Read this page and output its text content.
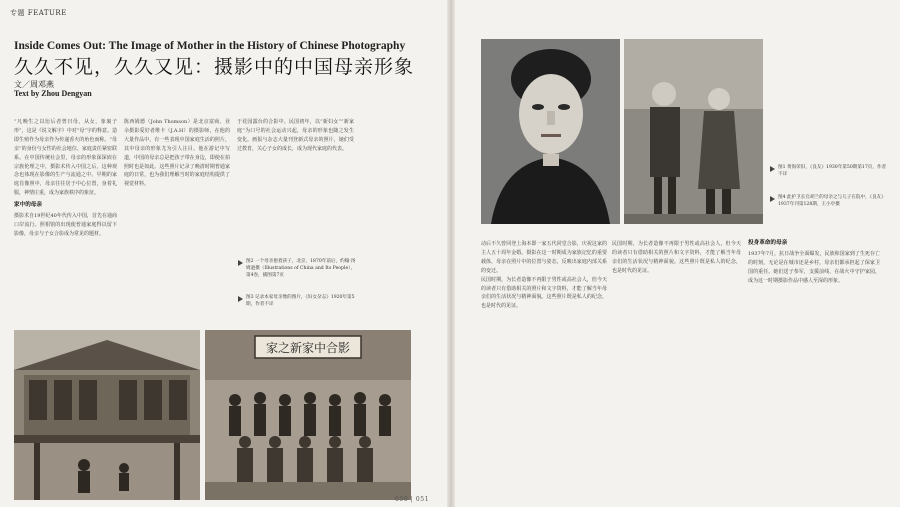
专题 FEATURE
Inside Comes Out: The Image of Mother in the History of Chinese Photography
久久不见，久久又见：摄影中的中国母亲形象
文／周邓燕
Text by Zhou Dengyan
“凡晚生之以衍后者曾曰母，从女，象裏子形”，这是《说文解字》中对“母”字的释意。造即生殖作为母亲作为传递香火的角色而称。“母亲”的身份与女性的社会地位、家庭责任紧密联系。在中国传统社会里，母亲的形象深深嵌在宗族伦理之中，摄影术传入中国之后，这种观念也体现在影像的生产与流通之中。早期的家庭肖像照中，母亲往往居于中心位置，身着礼服，神情庄重，成为家族秩序的象征。
家中的母亲
摄影术自19世纪40年代传入中国，首先在通商口岸流行。照相馆的出现使普通家庭得以留下影像，母亲与子女合影成为常见的题材。
陈西姆德（John Thomson）是北京富商、业余摄影爱好者维卡（J.A.H）的摄影师，在他的大量作品中，有一些表现中国家庭生活的照片，其中母亲的形象尤为引人注目。他在游记中写道，中国的母亲总是把孩子带在身边，即使在拍照时也是如此。这些照片记录了晚清时期普通家庭的日常，也为我们理解当时的家庭结构提供了视觉材料。
于花园露台的合影中。民国初年，以“新妇女”“新家庭”为口号的社会运动兴起，母亲的形象也随之发生变化。画报与杂志大量刊登新式母亲的照片，她们受过教育，关心子女的成长，成为现代家庭的代表。
图2 一个母亲抱着孩子，北京，1870年前后，约翰·汤姆逊摄（Illustrations of China and Its People），第4卷，插图第7页
图3 记录本家母亲像的图片，《妇女杂志》1920年第5期，作者不详
家之新家中合影
图1 黄海荣旧，《良友》1930年第50期第17页，作者不详
图4 此护卫长官胡兰的母亲之与儿子在院中，《良友》1937年刊第128期，王小亭摄
动后不久曾回登上海本即一家五代同堂合影，庆祝这家的主人五十周年金婚。摄影在这一时期成为家族记忆的重要载体，母亲在照片中的位置与姿态，反映出家庭内部关系的变迁。
民国时期，为长者造像不再限于男性或高社会人，但今天的读者只有借助相关的照片和文字资料，才能了解当年母亲们的生活状况与精神面貌。这些照片既是私人的纪念，也是时代的见证。
民国时期，为长者造像不再限于男性或高社会人，但今天的读者只有借助相关的照片和文字资料，才能了解当年母亲们的生活状况与精神面貌。这些照片既是私人的纪念，也是时代的见证。
投身革命的母亲
1937年7月，抗日战争全面爆发，民族和国家到了生死存亡的时刻，无论是在城市还是乡村，母亲们都承担起了保家卫国的重任。她们送子参军，支援前线，在战火中守护家园，成为这一时期摄影作品中感人至深的形象。
050 | 051
